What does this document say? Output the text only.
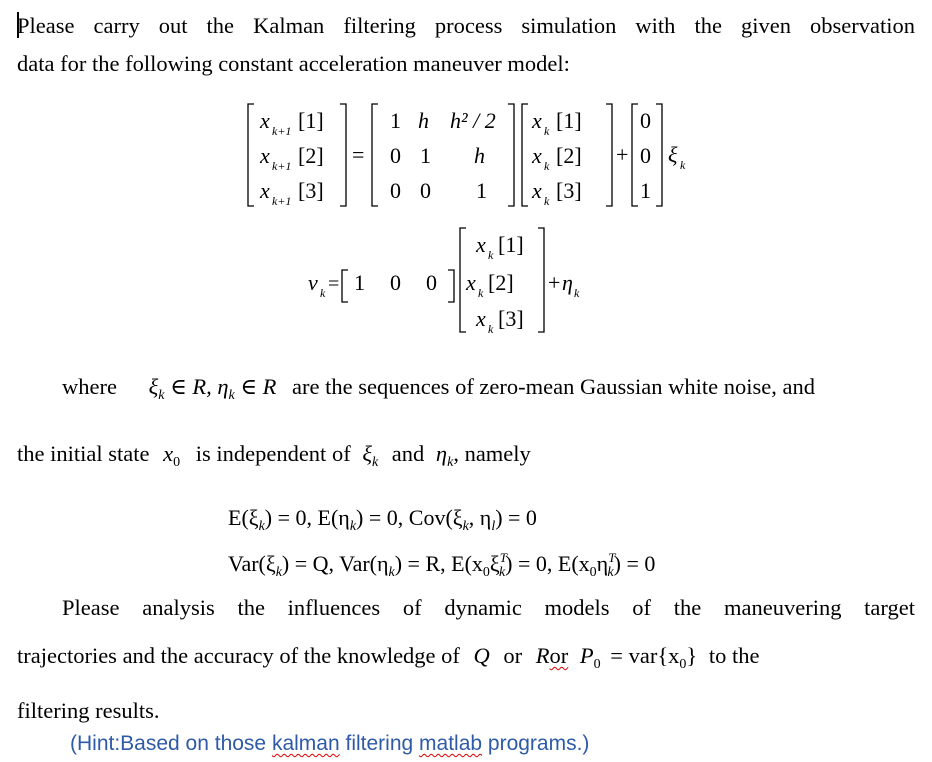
Please carry out the Kalman filtering process simulation with the given observation
data for the following constant acceleration maneuver model:
x k+1 [1]
x k+1 [2]
x k+1 [3]
=
1 h h² / 2
0 1 h
0 0 1
x k [1]
x k [2]
x k [3]
+
0
0
1
ξ k
v k = 1 0 0
x k [1]
x k [2]
x k [3]
+ η k
where $\xi_k$ ∈ R, $\eta_k$ ∈ R are the sequences of zero-mean Gaussian white noise, and
the initial state $x_0$ is independent of $\xi_k$ and $\eta_k$, namely
$E(\xi_k) = 0$, $E(\eta_k) = 0$, $Cov(\xi_k$, $\eta_l) = 0$
$Var(\xi_k) = Q$, $Var(\eta_k) = R$, $E(x_0\xi^T_k) = 0$, $E(x_0\eta^T_k) = 0$
Please analysis the influences of dynamic models of the maneuvering target
trajectories and the accuracy of the knowledge of Q or Ror $P_0 = var\{x_0\}$ to the
filtering results.
(Hint:Based on those kalman filtering matlab programs.)
